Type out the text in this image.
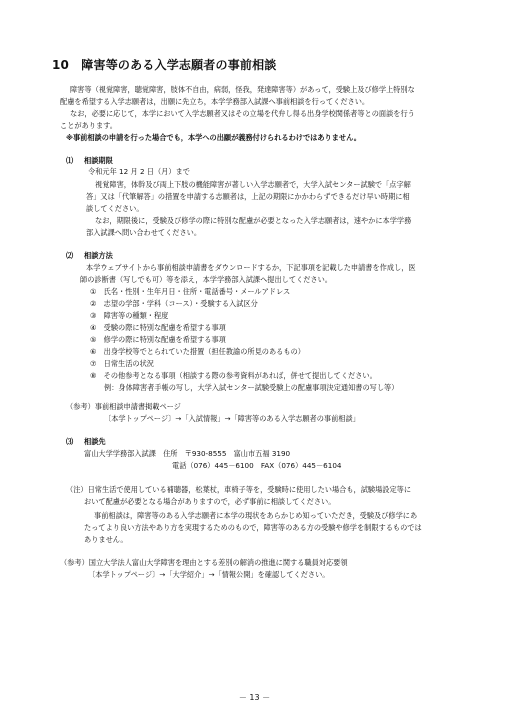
10　障害等のある入学志願者の事前相談
障害等（視覚障害，聴覚障害，肢体不自由，病弱，怪我，発達障害等）があって，受験上及び修学上特別な
配慮を希望する入学志願者は，出願に先立ち，本学学務部入試課へ事前相談を行ってください。
なお，必要に応じて，本学において入学志願者又はその立場を代弁し得る出身学校関係者等との面談を行う
ことがあります。
※事前相談の申請を行った場合でも，本学への出願が義務付けられるわけではありません。
⑴ 相談期限
令和元年 12 月 2 日（月）まで
視覚障害，体幹及び両上下肢の機能障害が著しい入学志願者で，大学入試センター試験で「点字解
答」又は「代筆解答」の措置を申請する志願者は，上記の期限にかかわらずできるだけ早い時期に相
談してください。
なお，期限後に，受験及び修学の際に特別な配慮が必要となった入学志願者は，速やかに本学学務
部入試課へ問い合わせてください。
⑵ 相談方法
本学ウェブサイトから事前相談申請書をダウンロードするか，下記事項を記載した申請書を作成し，医
師の診断書（写しでも可）等を添え，本学学務部入試課へ提出してください。
①　氏名・性別・生年月日・住所・電話番号・メールアドレス
②　志望の学部・学科（コース）・受験する入試区分
③　障害等の種類・程度
④　受験の際に特別な配慮を希望する事項
⑤　修学の際に特別な配慮を希望する事項
⑥　出身学校等でとられていた措置（担任教諭の所見のあるもの）
⑦　日常生活の状況
⑧　その他参考となる事項（相談する際の参考資料があれば，併せて提出してください。
例：身体障害者手帳の写し，大学入試センター試験受験上の配慮事項決定通知書の写し等）
（参考）事前相談申請書掲載ページ
〔本学トップページ〕→「入試情報」→「障害等のある入学志願者の事前相談」
⑶ 相談先
富山大学学務部入試課　住所　〒930-8555　富山市五福 3190
電話（076）445－6100　FAX（076）445－6104
（注）日常生活で使用している補聴器，松葉杖，車椅子等を，受験時に使用したい場合も，試験場設定等に
おいて配慮が必要となる場合がありますので，必ず事前に相談してください。
事前相談は，障害等のある入学志願者に本学の現状をあらかじめ知っていただき，受験及び修学にあ
たってより良い方法やあり方を実現するためのもので，障害等のある方の受験や修学を制限するものでは
ありません。
（参考）国立大学法人富山大学障害を理由とする差別の解消の推進に関する職員対応要領
〔本学トップページ〕→「大学紹介」→「情報公開」を確認してください。
－ 13 －
